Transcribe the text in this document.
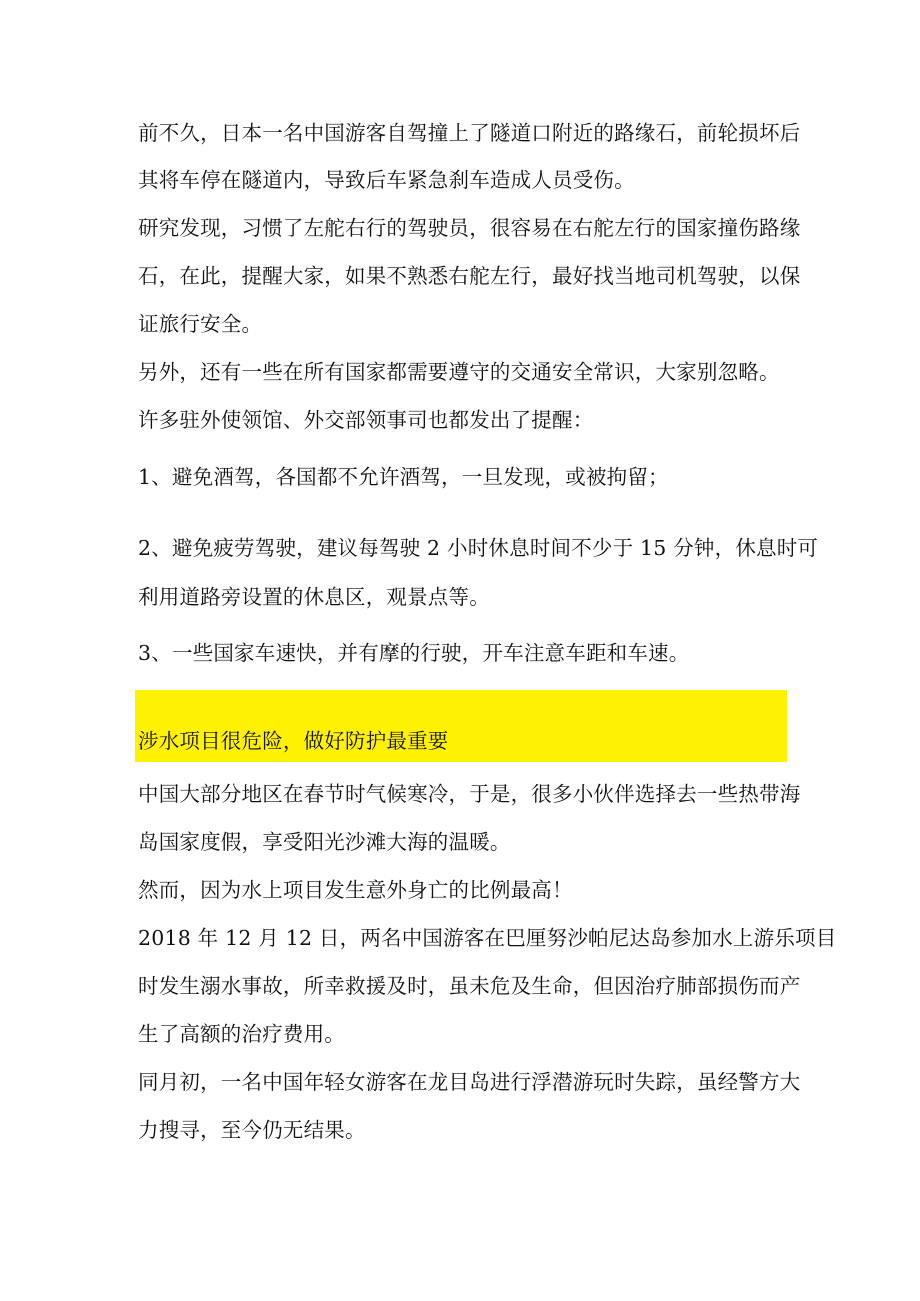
前不久，日本一名中国游客自驾撞上了隧道口附近的路缘石，前轮损坏后
其将车停在隧道内，导致后车紧急刹车造成人员受伤。
研究发现，习惯了左舵右行的驾驶员，很容易在右舵左行的国家撞伤路缘
石，在此，提醒大家，如果不熟悉右舵左行，最好找当地司机驾驶，以保
证旅行安全。
另外，还有一些在所有国家都需要遵守的交通安全常识，大家别忽略。
许多驻外使领馆、外交部领事司也都发出了提醒：
1、避免酒驾，各国都不允许酒驾，一旦发现，或被拘留；
2、避免疲劳驾驶，建议每驾驶 2 小时休息时间不少于 15 分钟，休息时可
利用道路旁设置的休息区，观景点等。
3、一些国家车速快，并有摩的行驶，开车注意车距和车速。
涉水项目很危险，做好防护最重要
中国大部分地区在春节时气候寒冷，于是，很多小伙伴选择去一些热带海
岛国家度假，享受阳光沙滩大海的温暖。
然而，因为水上项目发生意外身亡的比例最高！
2018 年 12 月 12 日，两名中国游客在巴厘努沙帕尼达岛参加水上游乐项目
时发生溺水事故，所幸救援及时，虽未危及生命，但因治疗肺部损伤而产
生了高额的治疗费用。
同月初，一名中国年轻女游客在龙目岛进行浮潜游玩时失踪，虽经警方大
力搜寻，至今仍无结果。
